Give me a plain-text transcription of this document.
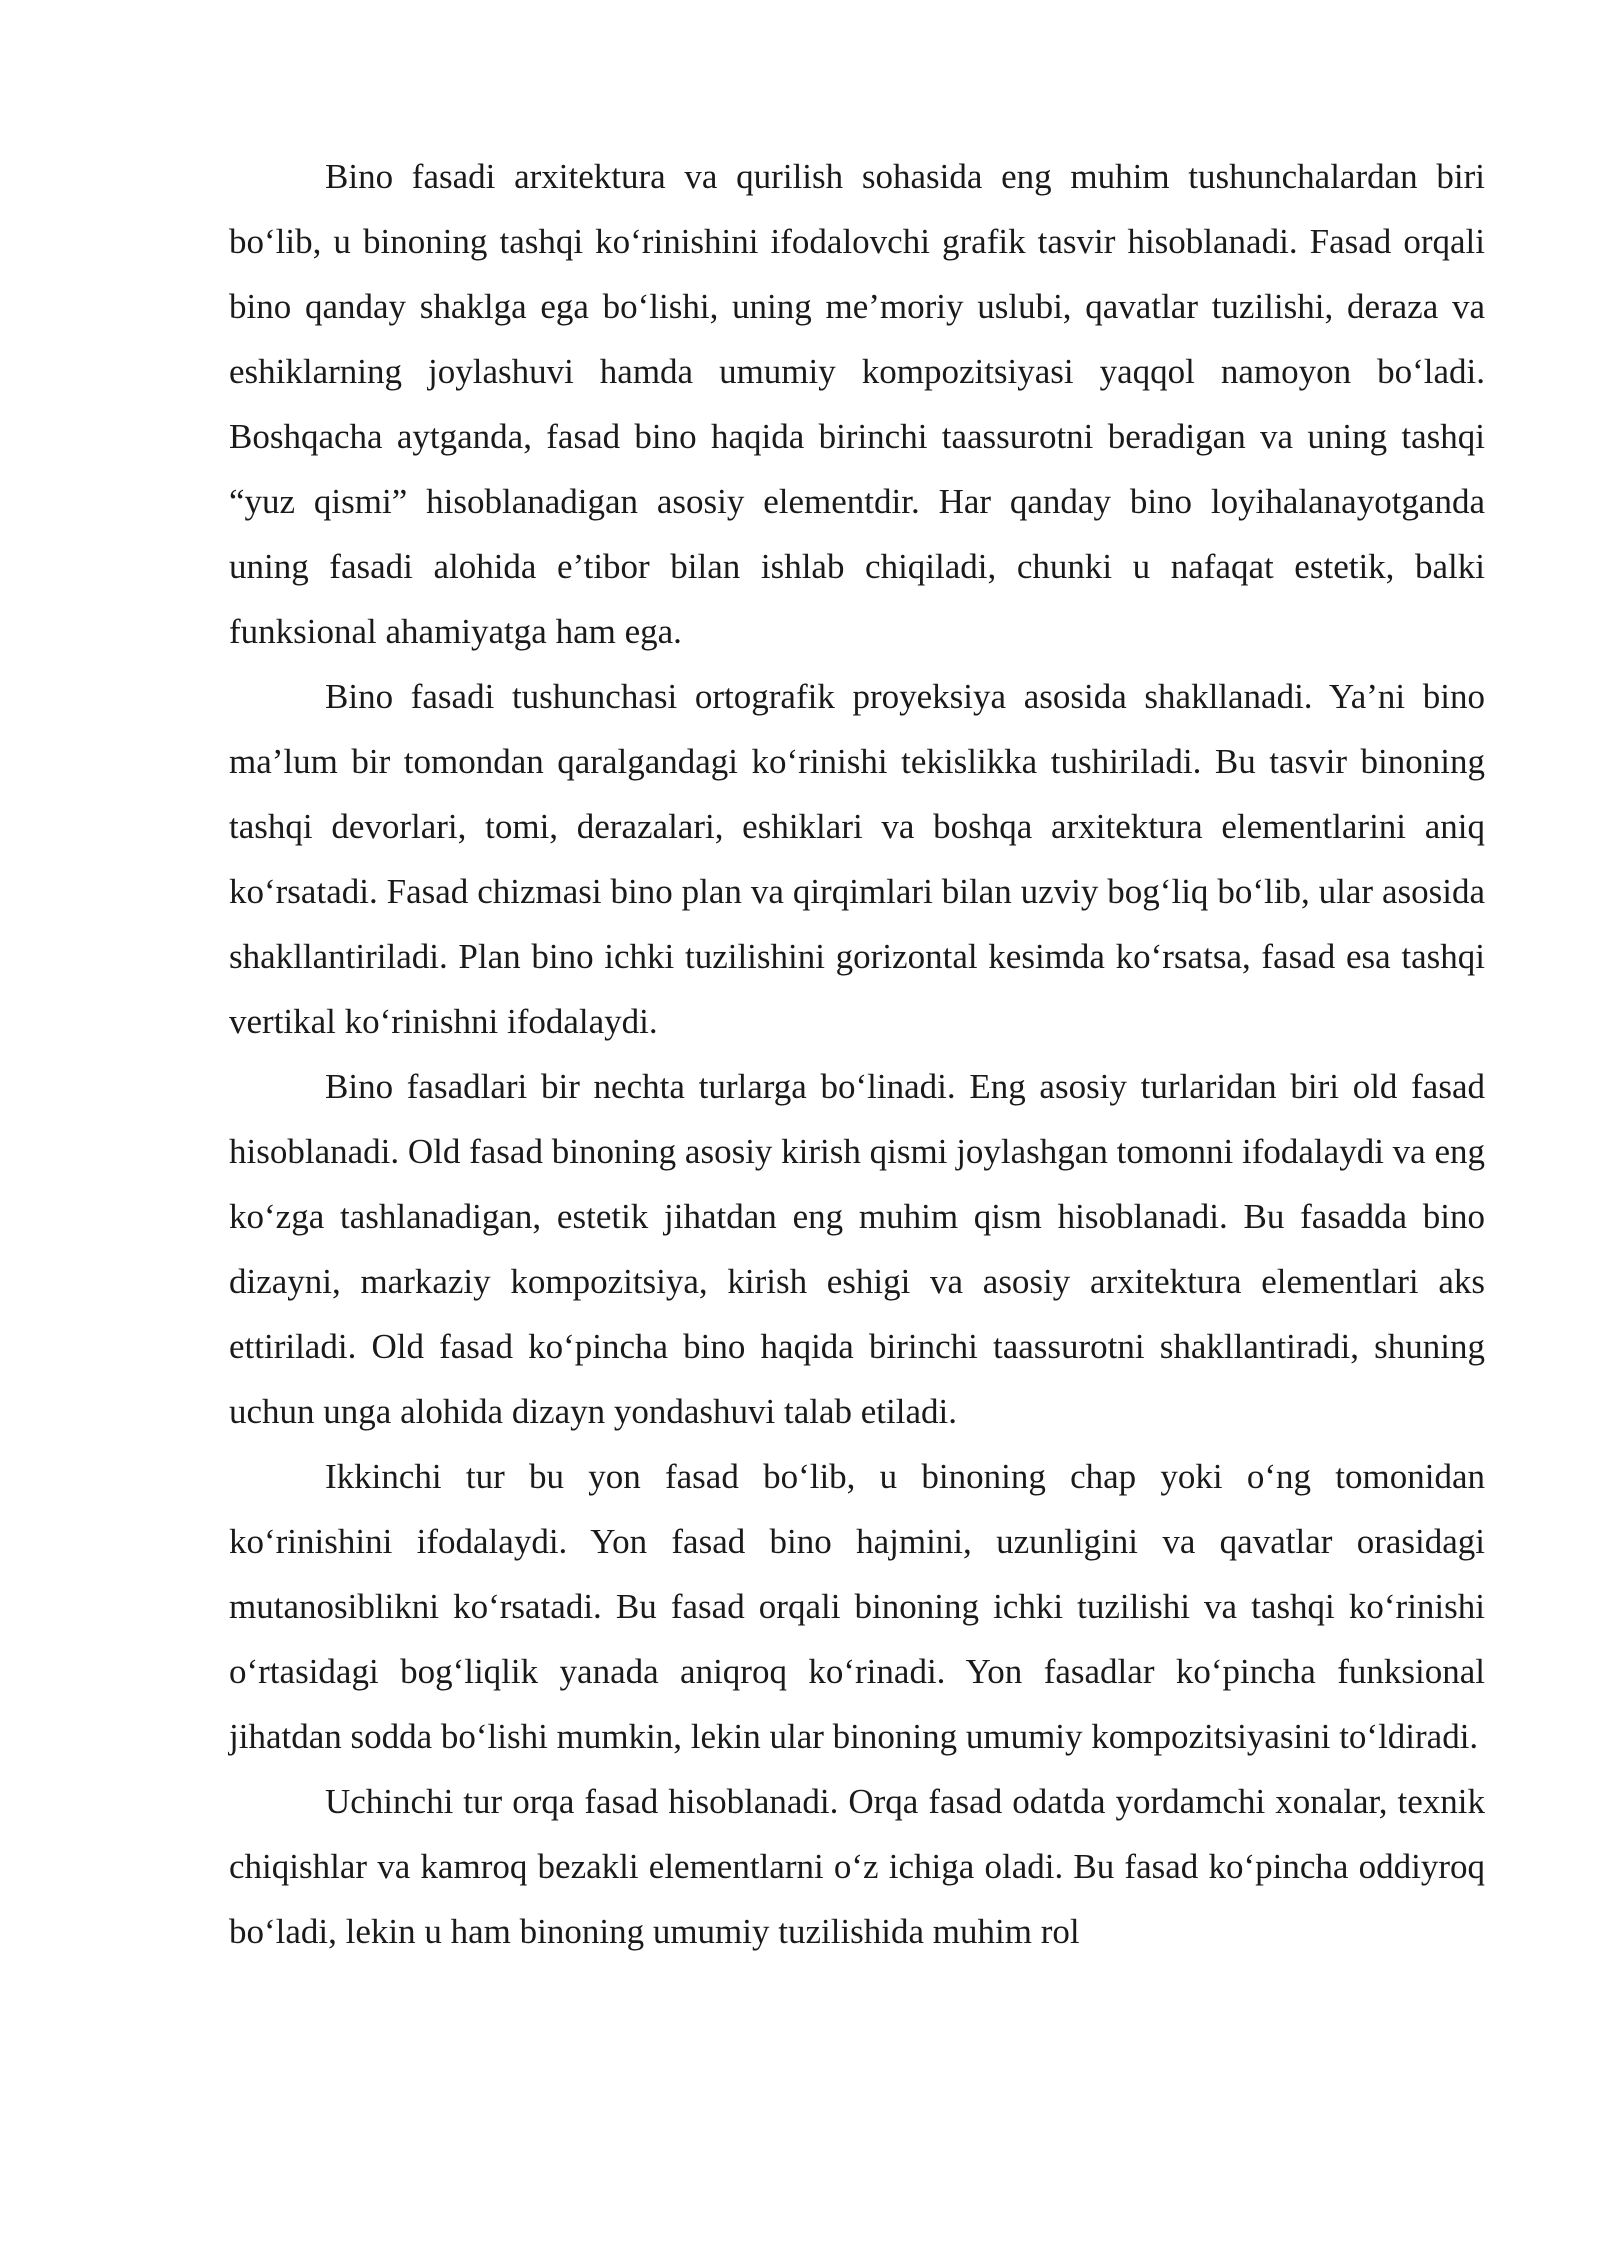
Bino fasadi arxitektura va qurilish sohasida eng muhim tushunchalardan biri bo‘lib, u binoning tashqi ko‘rinishini ifodalovchi grafik tasvir hisoblanadi. Fasad orqali bino qanday shaklga ega bo‘lishi, uning me’moriy uslubi, qavatlar tuzilishi, deraza va eshiklarning joylashuvi hamda umumiy kompozitsiyasi yaqqol namoyon bo‘ladi. Boshqacha aytganda, fasad bino haqida birinchi taassurotni beradigan va uning tashqi “yuz qismi” hisoblanadigan asosiy elementdir. Har qanday bino loyihalanayotganda uning fasadi alohida e’tibor bilan ishlab chiqiladi, chunki u nafaqat estetik, balki funksional ahamiyatga ham ega.

Bino fasadi tushunchasi ortografik proyeksiya asosida shakllanadi. Ya’ni bino ma’lum bir tomondan qaralgandagi ko‘rinishi tekislikka tushiriladi. Bu tasvir binoning tashqi devorlari, tomi, derazalari, eshiklari va boshqa arxitektura elementlarini aniq ko‘rsatadi. Fasad chizmasi bino plan va qirqimlari bilan uzviy bog‘liq bo‘lib, ular asosida shakllantiriladi. Plan bino ichki tuzilishini gorizontal kesimda ko‘rsatsa, fasad esa tashqi vertikal ko‘rinishni ifodalaydi.

Bino fasadlari bir nechta turlarga bo‘linadi. Eng asosiy turlaridan biri old fasad hisoblanadi. Old fasad binoning asosiy kirish qismi joylashgan tomonni ifodalaydi va eng ko‘zga tashlanadigan, estetik jihatdan eng muhim qism hisoblanadi. Bu fasadda bino dizayni, markaziy kompozitsiya, kirish eshigi va asosiy arxitektura elementlari aks ettiriladi. Old fasad ko‘pincha bino haqida birinchi taassurotni shakllantiradi, shuning uchun unga alohida dizayn yondashuvi talab etiladi.

Ikkinchi tur bu yon fasad bo‘lib, u binoning chap yoki o‘ng tomonidan ko‘rinishini ifodalaydi. Yon fasad bino hajmini, uzunligini va qavatlar orasidagi mutanosiblikni ko‘rsatadi. Bu fasad orqali binoning ichki tuzilishi va tashqi ko‘rinishi o‘rtasidagi bog‘liqlik yanada aniqroq ko‘rinadi. Yon fasadlar ko‘pincha funksional jihatdan sodda bo‘lishi mumkin, lekin ular binoning umumiy kompozitsiyasini to‘ldiradi.

Uchinchi tur orqa fasad hisoblanadi. Orqa fasad odatda yordamchi xonalar, texnik chiqishlar va kamroq bezakli elementlarni o‘z ichiga oladi. Bu fasad ko‘pincha oddiyroq bo‘ladi, lekin u ham binoning umumiy tuzilishida muhim rol
